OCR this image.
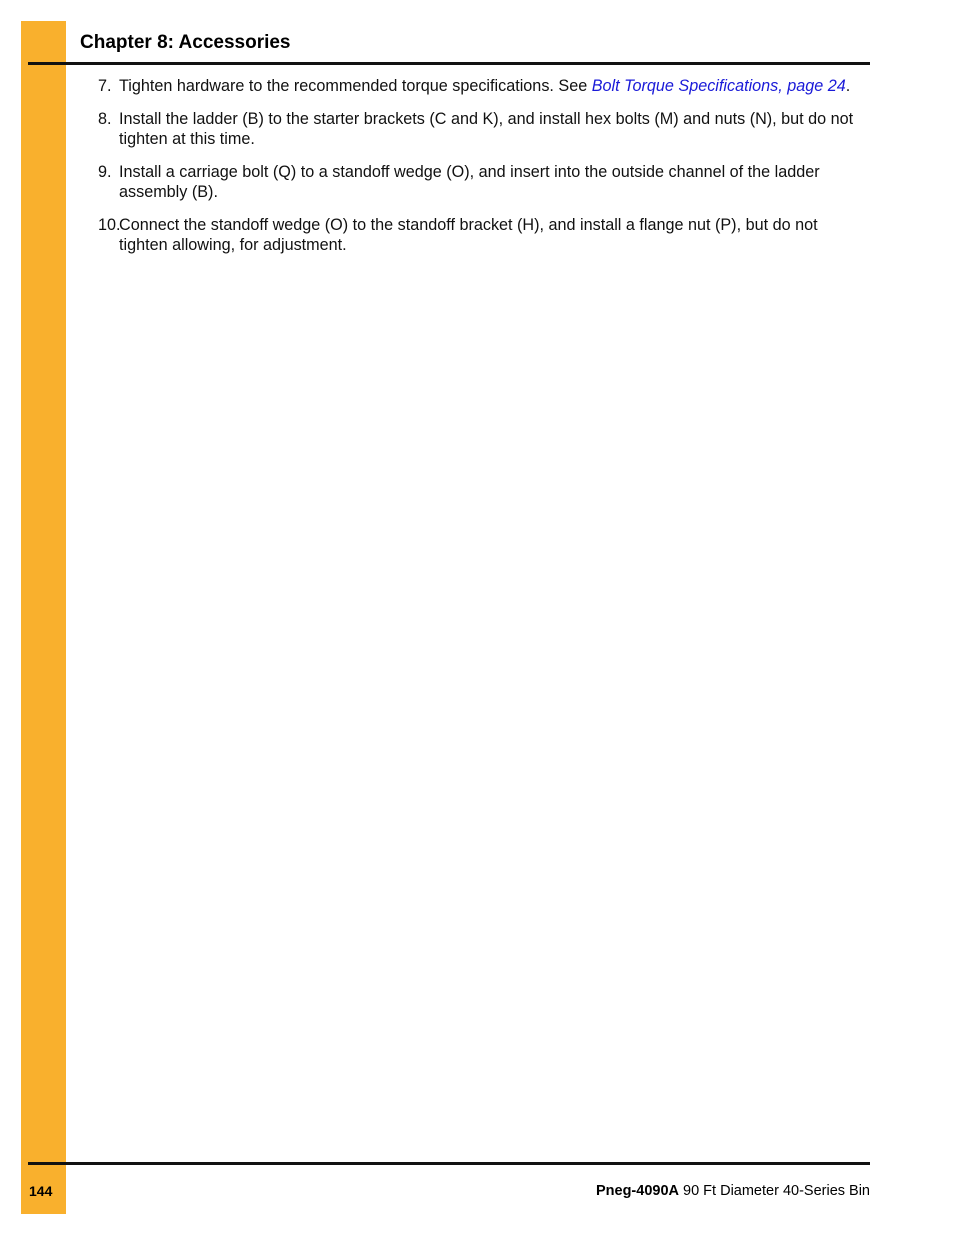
Chapter 8: Accessories
7. Tighten hardware to the recommended torque specifications. See Bolt Torque Specifications, page 24.
8. Install the ladder (B) to the starter brackets (C and K), and install hex bolts (M) and nuts (N), but do not tighten at this time.
9. Install a carriage bolt (Q) to a standoff wedge (O), and insert into the outside channel of the ladder assembly (B).
10.
Connect the standoff wedge (O) to the standoff bracket (H), and install a flange nut (P), but do not tighten allowing, for adjustment.
144	Pneg-4090A 90 Ft Diameter 40-Series Bin
